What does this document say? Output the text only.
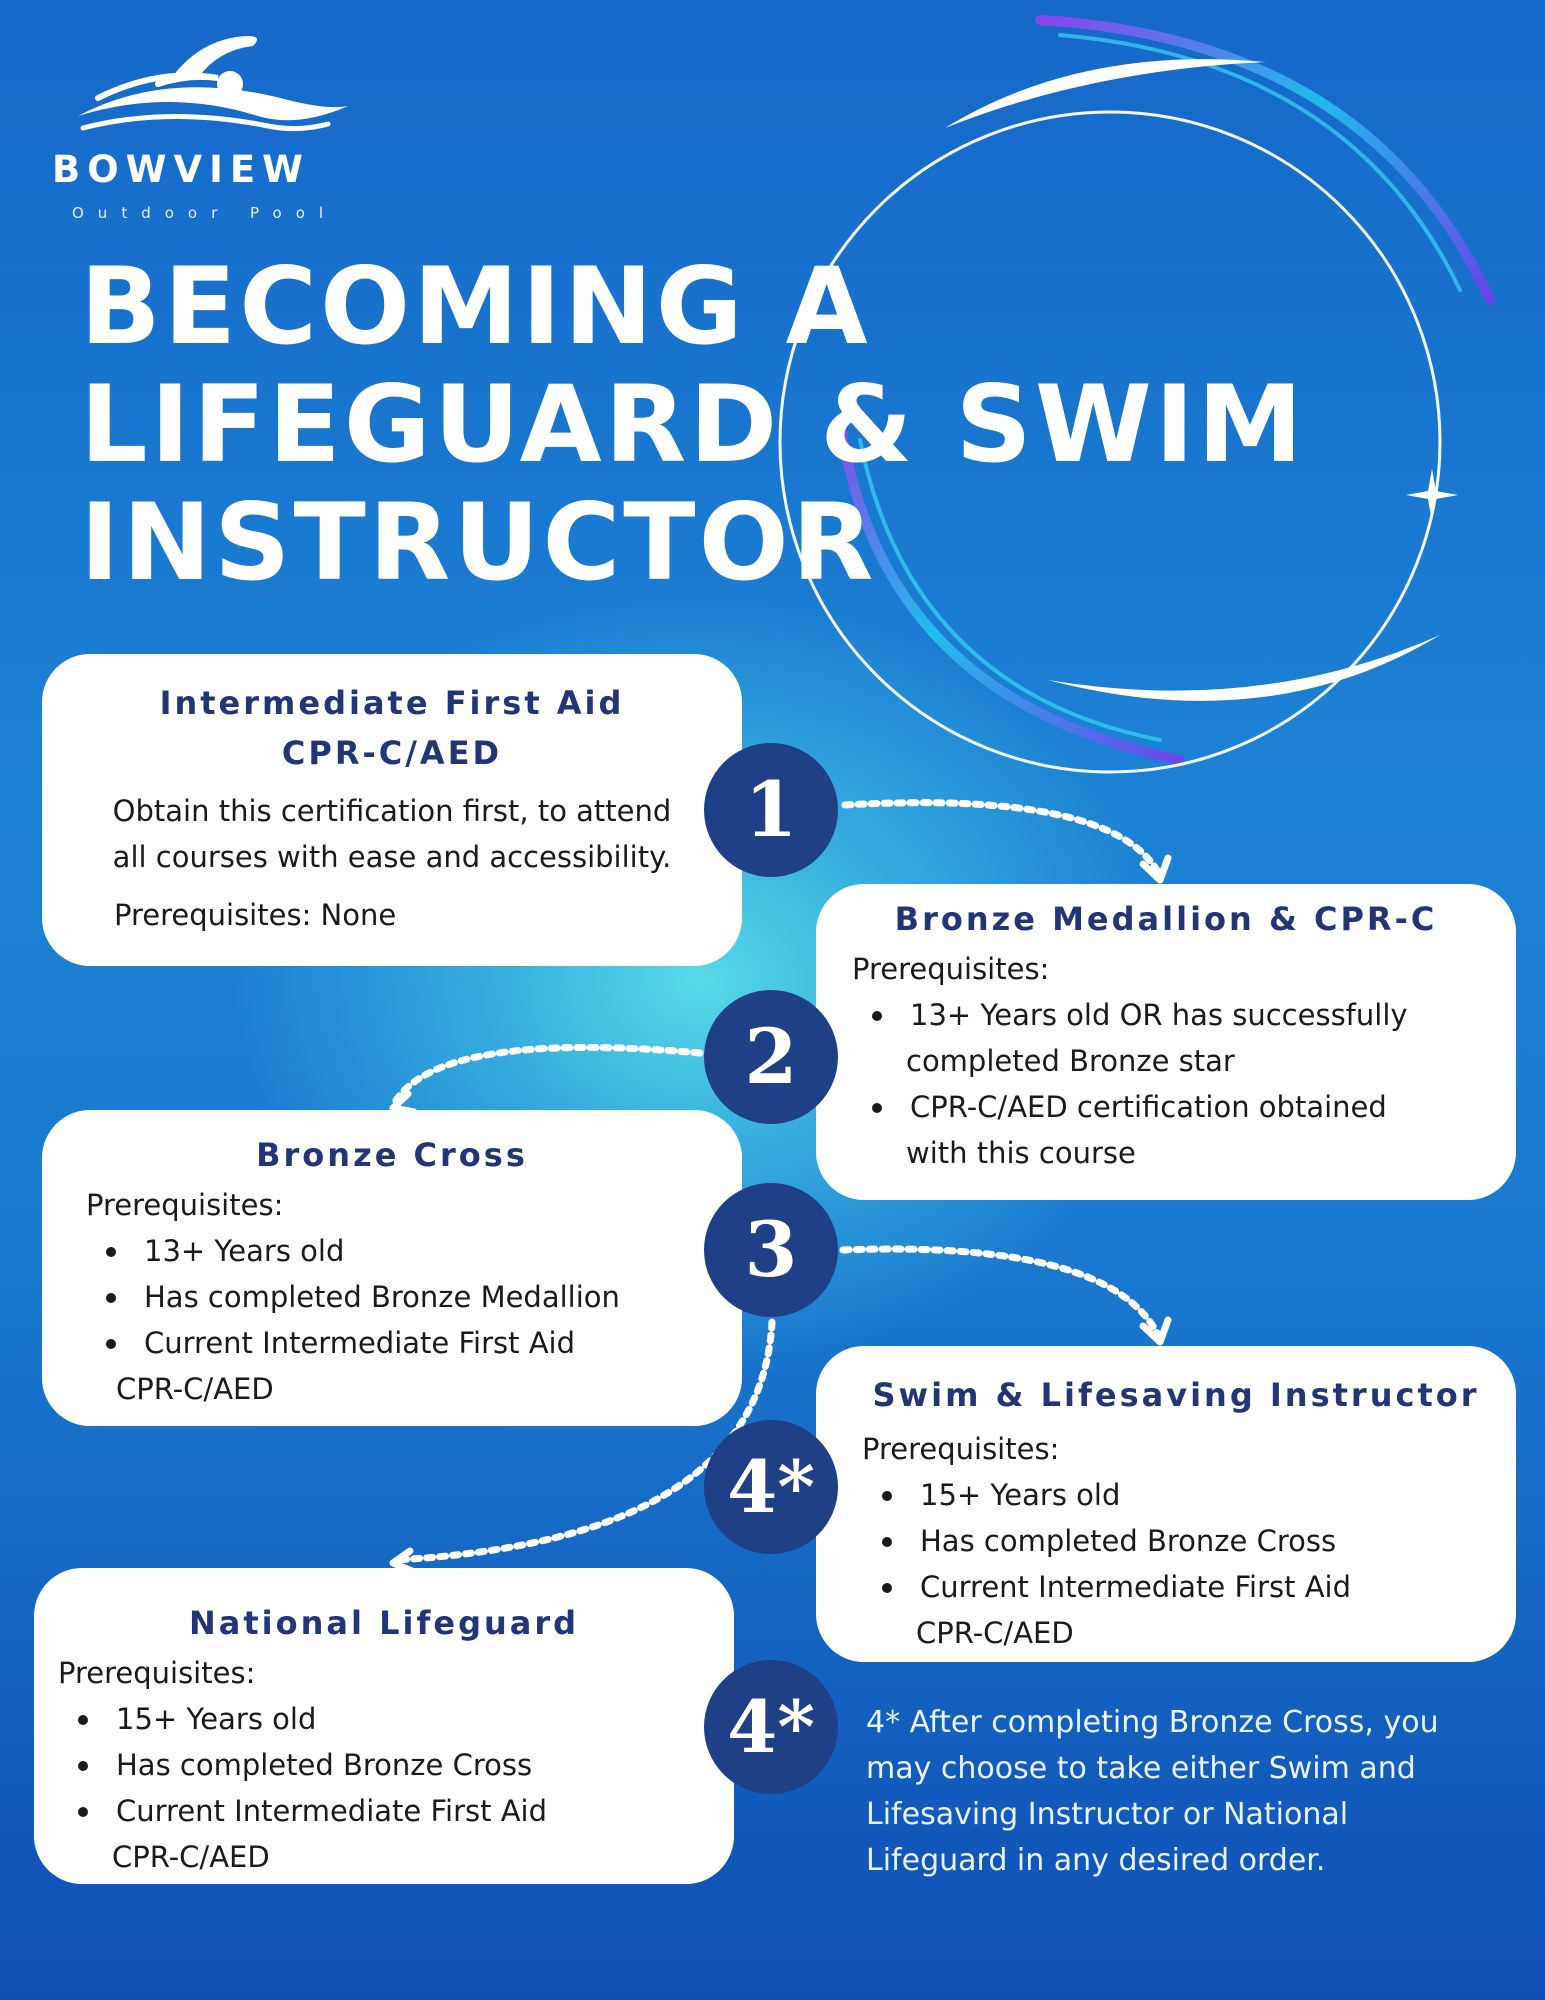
BOWVIEW
Outdoor Pool
BECOMING A
LIFEGUARD & SWIM
INSTRUCTOR

Intermediate First Aid
CPR-C/AED

Obtain this certification first, to attend
all courses with ease and accessibility.

Prerequisites: None	Bronze Medallion & CPR-C

Prerequisites:

13+ Years old OR has successfully
completed Bronze star
CPR-C/AED certification obtained
with this course

Bronze Cross

Prerequisites:

13+ Years old
Has completed Bronze Medallion
Current Intermediate First Aid
CPR-C/AED	Swim & Lifesaving Instructor

Prerequisites:

15+ Years old
Has completed Bronze Cross
Current Intermediate First Aid
CPR-C/AED

National Lifeguard

Prerequisites:

15+ Years old
Has completed Bronze Cross
Current Intermediate First Aid
CPR-C/AED
1
2
3
4*
4*	4* After completing Bronze Cross, you
may choose to take either Swim and
Lifesaving Instructor or National
Lifeguard in any desired order.
